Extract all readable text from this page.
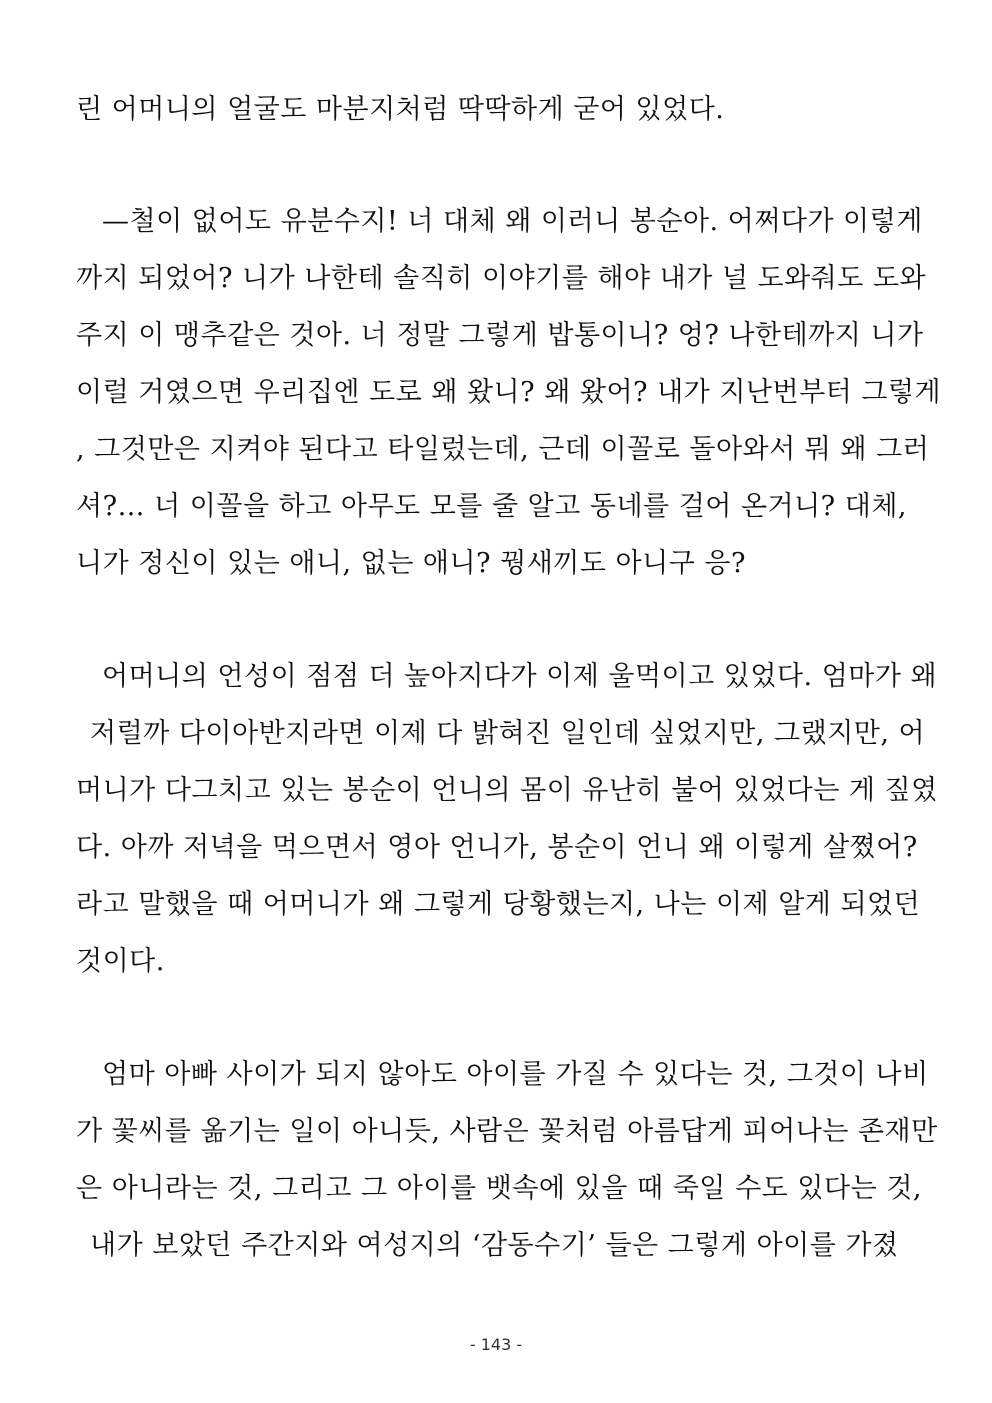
린 어머니의 얼굴도 마분지처럼 딱딱하게 굳어 있었다.
—철이 없어도 유분수지! 너 대체 왜 이러니 봉순아. 어쩌다가 이렇게
까지 되었어? 니가 나한테 솔직히 이야기를 해야 내가 널 도와줘도 도와
주지 이 맹추같은 것아. 너 정말 그렇게 밥통이니? 엉? 나한테까지 니가
이럴 거였으면 우리집엔 도로 왜 왔니? 왜 왔어? 내가 지난번부터 그렇게
, 그것만은 지켜야 된다고 타일렀는데, 근데 이꼴로 돌아와서 뭐 왜 그러
셔?… 너 이꼴을 하고 아무도 모를 줄 알고 동네를 걸어 온거니? 대체,
니가 정신이 있는 애니, 없는 애니? 꿩새끼도 아니구 응?
어머니의 언성이 점점 더 높아지다가 이제 울먹이고 있었다. 엄마가 왜
저럴까 다이아반지라면 이제 다 밝혀진 일인데 싶었지만, 그랬지만, 어
머니가 다그치고 있는 봉순이 언니의 몸이 유난히 불어 있었다는 게 짚였
다. 아까 저녁을 먹으면서 영아 언니가, 봉순이 언니 왜 이렇게 살쪘어?
라고 말했을 때 어머니가 왜 그렇게 당황했는지, 나는 이제 알게 되었던
것이다.
엄마 아빠 사이가 되지 않아도 아이를 가질 수 있다는 것, 그것이 나비
가 꽃씨를 옮기는 일이 아니듯, 사람은 꽃처럼 아름답게 피어나는 존재만
은 아니라는 것, 그리고 그 아이를 뱃속에 있을 때 죽일 수도 있다는 것,
내가 보았던 주간지와 여성지의 ‘감동수기’ 들은 그렇게 아이를 가졌
- 143 -
